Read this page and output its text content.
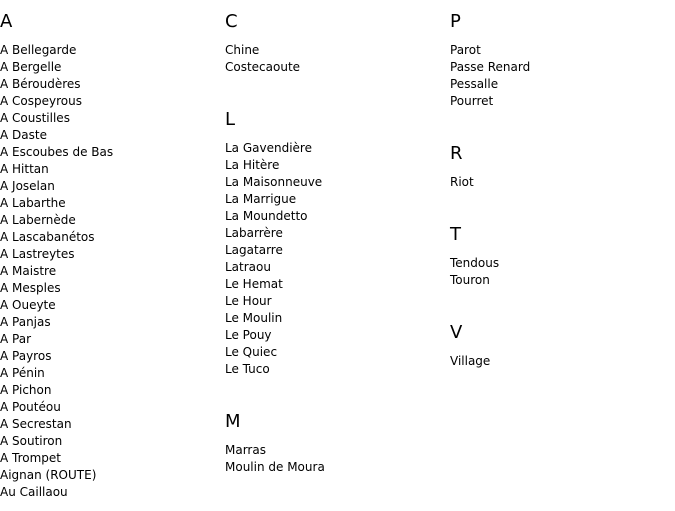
A
A Bellegarde
A Bergelle
A Béroudères
A Cospeyrous
A Coustilles
A Daste
A Escoubes de Bas
A Hittan
A Joselan
A Labarthe
A Labernède
A Lascabanétos
A Lastreytes
A Maistre
A Mesples
A Oueyte
A Panjas
A Par
A Payros
A Pénin
A Pichon
A Poutéou
A Secrestan
A Soutiron
A Trompet
Aignan (ROUTE)
Au Caillaou
C
Chine
Costecaoute
L
La Gavendière
La Hitère
La Maisonneuve
La Marrigue
La Moundetto
Labarrère
Lagatarre
Latraou
Le Hemat
Le Hour
Le Moulin
Le Pouy
Le Quiec
Le Tuco
M
Marras
Moulin de Moura
P
Parot
Passe Renard
Pessalle
Pourret
R
Riot
T
Tendous
Touron
V
Village
